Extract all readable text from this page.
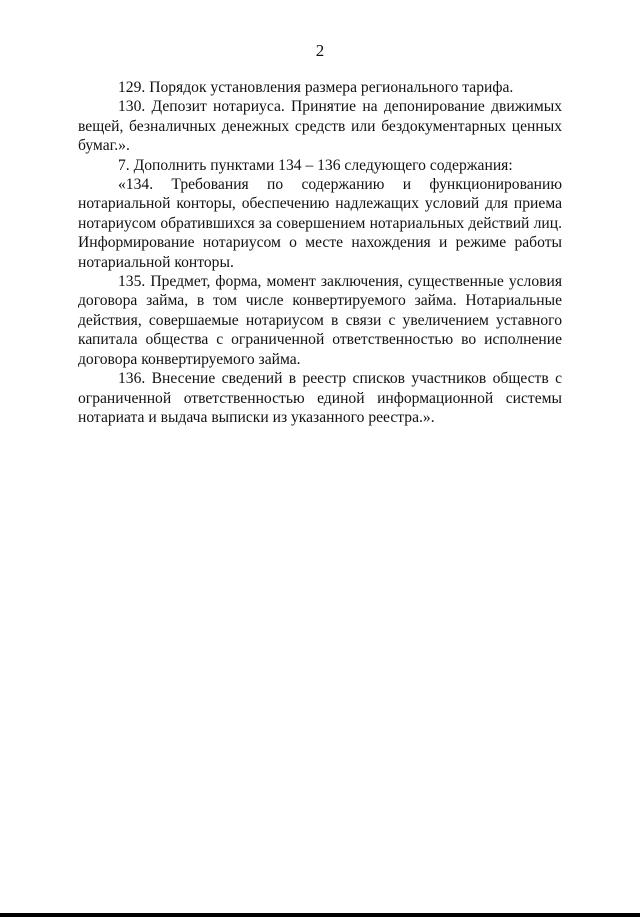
2

129. Порядок установления размера регионального тарифа.

130. Депозит нотариуса. Принятие на депонирование движимых вещей, безналичных денежных средств или бездокументарных ценных бумаг.».

7. Дополнить пунктами 134 – 136 следующего содержания:

«134. Требования по содержанию и функционированию нотариальной конторы, обеспечению надлежащих условий для приема нотариусом обратившихся за совершением нотариальных действий лиц. Информирование нотариусом о месте нахождения и режиме работы нотариальной конторы.

135. Предмет, форма, момент заключения, существенные условия договора займа, в том числе конвертируемого займа. Нотариальные действия, совершаемые нотариусом в связи с увеличением уставного капитала общества с ограниченной ответственностью во исполнение договора конвертируемого займа.

136. Внесение сведений в реестр списков участников обществ с ограниченной ответственностью единой информационной системы нотариата и выдача выписки из указанного реестра.».
